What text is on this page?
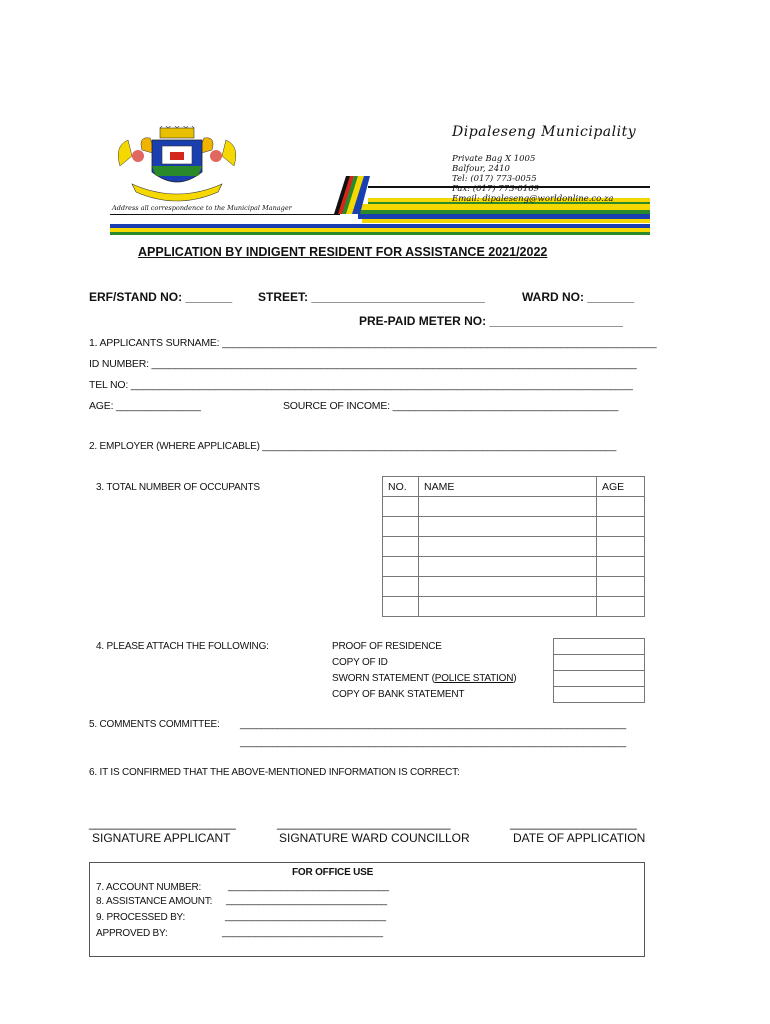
Dipaleseng Municipality
Private Bag X 1005
Balfour, 2410
Tel: (017) 773-0055
Fax: (017) 773-0169
Email: dipaleseng@worldonline.co.za
Address all correspondence to the Municipal Manager
APPLICATION BY INDIGENT RESIDENT FOR ASSISTANCE 2021/2022
ERF/STAND NO: _______ STREET: __________________________	WARD NO: _______
PRE-PAID METER NO: ____________________
1. APPLICANTS SURNAME: _____________________________________________________________________________
ID NUMBER: ______________________________________________________________________________________
TEL NO: _________________________________________________________________________________________
AGE: _______________	SOURCE OF INCOME: ________________________________________
2. EMPLOYER (WHERE APPLICABLE) __________________________________________________________________
3. TOTAL NUMBER OF OCCUPANTS	NO.	NAME	AGE

4. PLEASE ATTACH THE FOLLOWING:	PROOF OF RESIDENCE
COPY OF ID
SWORN STATEMENT (POLICE STATION)
COPY OF BANK STATEMENT

5. COMMENTS COMMITTEE: ________________________________________________________________________
________________________________________________________________________
6. IT IS CONFIRMED THAT THE ABOVE-MENTIONED INFORMATION IS CORRECT:
______________________	__________________________	___________________
SIGNATURE APPLICANT	SIGNATURE WARD COUNCILLOR	DATE OF APPLICATION
FOR OFFICE USE
7. ACCOUNT NUMBER:	______________________________
8. ASSISTANCE AMOUNT: ______________________________
9. PROCESSED BY:	______________________________
APPROVED BY:	______________________________
